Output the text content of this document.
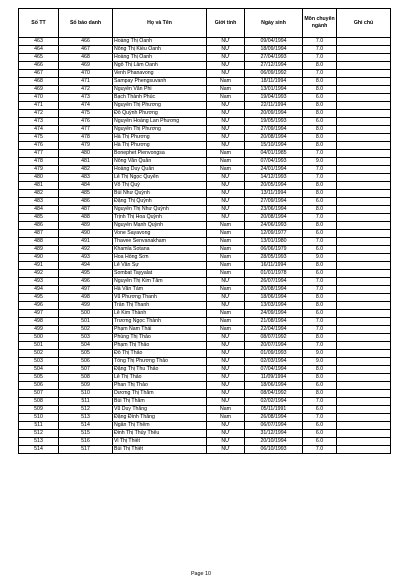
Số TT	Số báo danh	Họ và Tên	Giới tính	Ngày sinh	Môn chuyên ngành	Ghi chú
463	466	Hoàng Thị Oanh	NỮ	09/04/1994	7.0	
464	467	Nông Thị Kiều Oanh	NỮ	18/09/1994	7.0	
465	468	Hoàng Thị Oanh	NỮ	27/04/1993	7.0	
466	469	Ngô Thị Lâm Oanh	NỮ	27/12/1994	8.0	
467	470	Venh Phanavong	NỮ	06/09/1992	7.0	
468	471	Sampay Phengsuvanh	Nam	18/11/1994	8.0	
469	472	Nguyễn Văn Phi	Nam	13/01/1994	8.0	
470	473	Bạch Thành Phúc	Nam	19/04/1993	6.0	
471	474	Nguyễn Thị Phương	NỮ	22/11/1994	8.0	
472	475	Đỗ Quỳnh Phương	NỮ	20/09/1994	8.0	
473	476	Nguyễn Hoàng Lan Phương	NỮ	19/05/1993	6.0	
474	477	Nguyễn Thị Phương	NỮ	27/09/1994	8.0	
475	478	Hà Thị Phương	NỮ	20/08/1994	8.0	
476	479	Hà Thị Phương	NỮ	15/10/1994	8.0	
477	480	Bonephet Pienvongsa	Nam	04/01/1985	7.0	
478	481	Nông Văn Quân	Nam	07/04/1993	9.0	
479	482	Hoàng Duy Quân	Nam	24/01/1994	7.0	
480	483	Lê Thị Ngọc Quyên	NỮ	14/12/1993	7.0	
481	484	Võ Thị Quý	NỮ	20/05/1994	8.0	
482	485	Bùi Như Quỳnh	NỮ	13/11/1994	8.0	
483	486	Đặng Thị Quỳnh	NỮ	27/09/1994	6.0	
484	487	Nguyễn Thị Như Quỳnh	NỮ	23/06/1994	8.0	
485	488	Trịnh Thị Hoa Quỳnh	NỮ	20/08/1994	7.0	
486	489	Nguyễn Mạnh Quỳnh	Nam	24/06/1993	8.0	
487	490	Vone Sayavong	Nam	12/09/1977	6.0	
488	491	Thavee Senvanakham	Nam	13/01/1980	7.0	
489	492	Khamla Sotana	Nam	06/06/1979	6.0	
490	493	Hoa Hồng Sơn	Nam	28/05/1993	9.0	
491	494	Lê Văn Sự	Nam	16/11/1994	8.0	
492	495	Sombat Tayyalat	Nam	01/01/1978	6.0	
493	496	Nguyễn Thị Kim Tâm	NỮ	26/07/1994	7.0	
494	497	Hà Văn Tám	Nam	20/08/1994	7.0	
495	498	Vũ Phương Thanh	NỮ	18/06/1994	8.0	
496	499	Trần Thị Thanh	NỮ	13/03/1994	8.0	
497	500	Lê Kim Thành	Nam	24/09/1994	6.0	
498	501	Trương Ngọc Thành	Nam	21/08/1994	7.0	
499	502	Phạm Nam Thái	Nam	22/04/1994	7.0	
500	503	Phùng Thị Thảo	NỮ	08/07/1992	8.0	
501	504	Phạm Thị Thảo	NỮ	20/07/1994	7.0	
502	505	Đỗ Thị Thảo	NỮ	01/09/1993	9.0	
503	506	Tống Thị Phương Thảo	NỮ	02/03/1994	9.0	
504	507	Đặng Thị Thu Thảo	NỮ	07/04/1994	8.0	
505	508	Lê Thị Thảo	NỮ	11/09/1994	8.0	
506	509	Phan Thị Thảo	NỮ	18/06/1994	6.0	
507	510	Dương Thị Thắm	NỮ	08/04/1992	8.0	
508	511	Bùi Thị Thắm	NỮ	02/02/1994	7.0	
509	512	Vũ Duy Thắng	Nam	05/11/1991	6.0	
510	513	Đặng Đình Thắng	Nam	26/08/1994	7.0	
511	514	Ngân Thị Thêm	NỮ	06/07/1994	6.0	
512	515	Đinh Thị Thúy Thêu	NỮ	31/12/1994	6.0	
513	516	Vi Thị Thiết	NỮ	20/10/1994	6.0	
514	517	Bùi Thị Thiết	NỮ	06/10/1993	7.0	
Page 10
